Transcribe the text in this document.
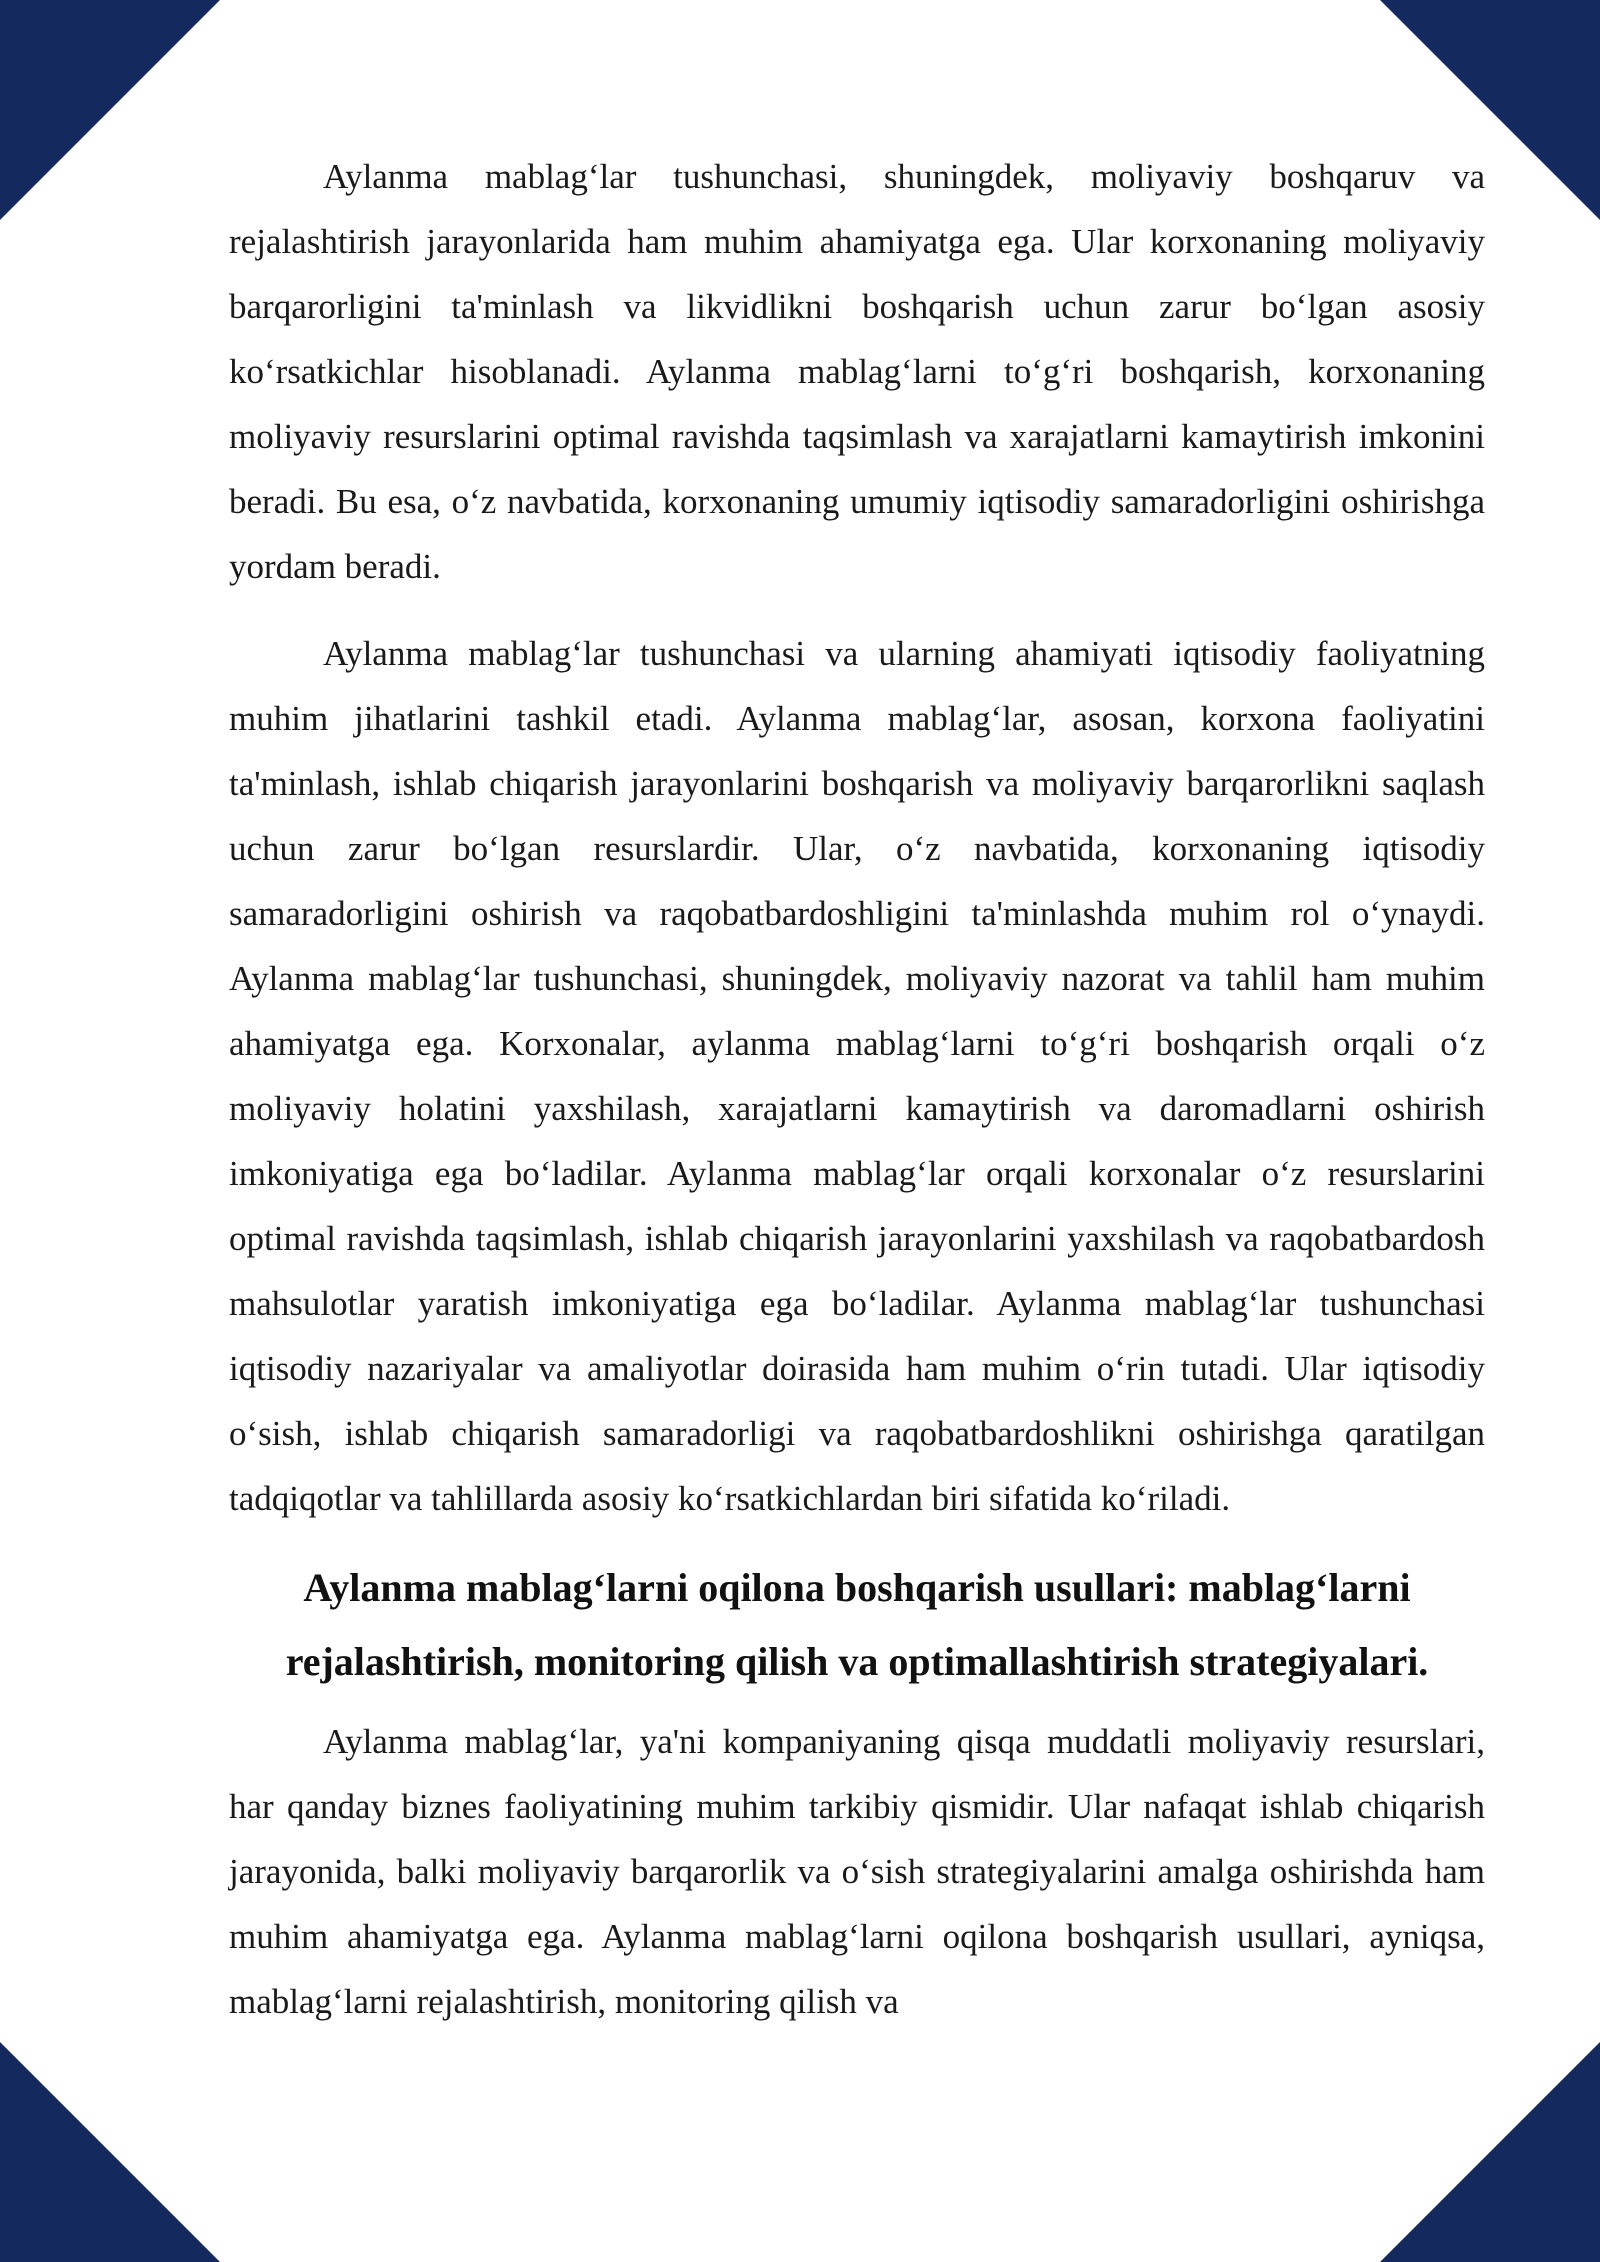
Aylanma mablag‘lar tushunchasi, shuningdek, moliyaviy boshqaruv va rejalashtirish jarayonlarida ham muhim ahamiyatga ega. Ular korxonaning moliyaviy barqarorligini ta'minlash va likvidlikni boshqarish uchun zarur bo‘lgan asosiy ko‘rsatkichlar hisoblanadi. Aylanma mablag‘larni to‘g‘ri boshqarish, korxonaning moliyaviy resurslarini optimal ravishda taqsimlash va xarajatlarni kamaytirish imkonini beradi. Bu esa, o‘z navbatida, korxonaning umumiy iqtisodiy samaradorligini oshirishga yordam beradi.

Aylanma mablag‘lar tushunchasi va ularning ahamiyati iqtisodiy faoliyatning muhim jihatlarini tashkil etadi. Aylanma mablag‘lar, asosan, korxona faoliyatini ta'minlash, ishlab chiqarish jarayonlarini boshqarish va moliyaviy barqarorlikni saqlash uchun zarur bo‘lgan resurslardir. Ular, o‘z navbatida, korxonaning iqtisodiy samaradorligini oshirish va raqobatbardoshligini ta'minlashda muhim rol o‘ynaydi. Aylanma mablag‘lar tushunchasi, shuningdek, moliyaviy nazorat va tahlil ham muhim ahamiyatga ega. Korxonalar, aylanma mablag‘larni to‘g‘ri boshqarish orqali o‘z moliyaviy holatini yaxshilash, xarajatlarni kamaytirish va daromadlarni oshirish imkoniyatiga ega bo‘ladilar. Aylanma mablag‘lar orqali korxonalar o‘z resurslarini optimal ravishda taqsimlash, ishlab chiqarish jarayonlarini yaxshilash va raqobatbardosh mahsulotlar yaratish imkoniyatiga ega bo‘ladilar. Aylanma mablag‘lar tushunchasi iqtisodiy nazariyalar va amaliyotlar doirasida ham muhim o‘rin tutadi. Ular iqtisodiy o‘sish, ishlab chiqarish samaradorligi va raqobatbardoshlikni oshirishga qaratilgan tadqiqotlar va tahlillarda asosiy ko‘rsatkichlardan biri sifatida ko‘riladi.

Aylanma mablag‘larni oqilona boshqarish usullari: mablag‘larni rejalashtirish, monitoring qilish va optimallashtirish strategiyalari.

Aylanma mablag‘lar, ya'ni kompaniyaning qisqa muddatli moliyaviy resurslari, har qanday biznes faoliyatining muhim tarkibiy qismidir. Ular nafaqat ishlab chiqarish jarayonida, balki moliyaviy barqarorlik va o‘sish strategiyalarini amalga oshirishda ham muhim ahamiyatga ega. Aylanma mablag‘larni oqilona boshqarish usullari, ayniqsa, mablag‘larni rejalashtirish, monitoring qilish va
